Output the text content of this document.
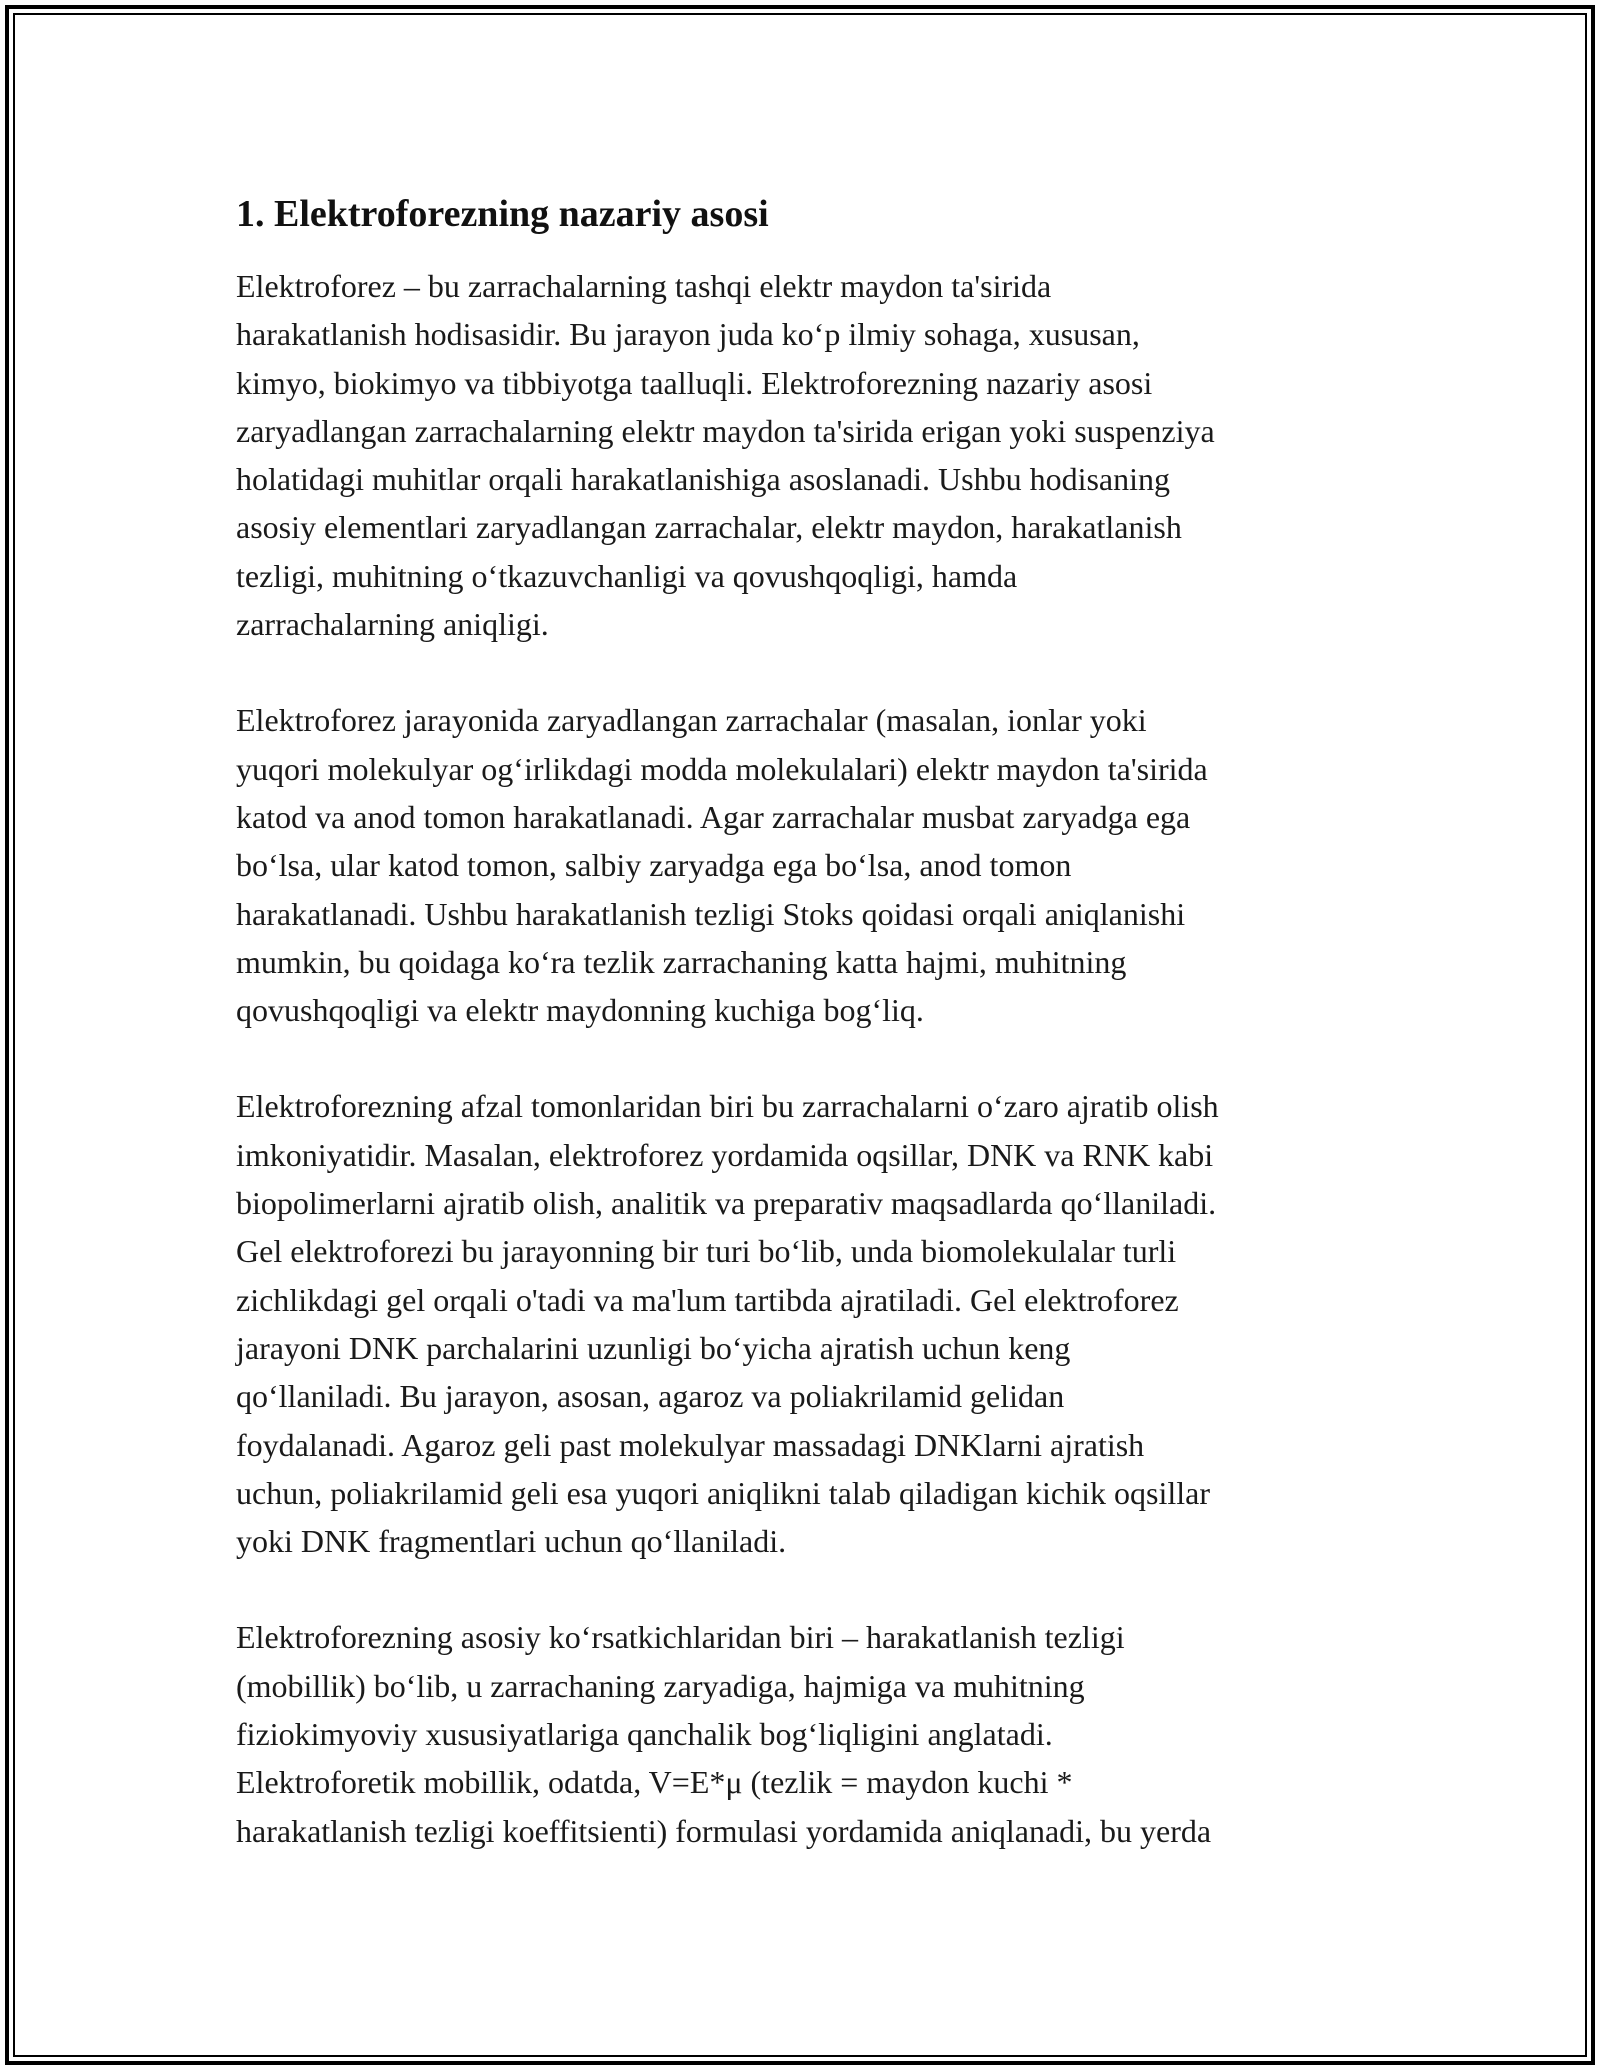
1. Elektroforezning nazariy asosi

Elektroforez – bu zarrachalarning tashqi elektr maydon ta'sirida
harakatlanish hodisasidir. Bu jarayon juda ko‘p ilmiy sohaga, xususan,
kimyo, biokimyo va tibbiyotga taalluqli. Elektroforezning nazariy asosi
zaryadlangan zarrachalarning elektr maydon ta'sirida erigan yoki suspenziya
holatidagi muhitlar orqali harakatlanishiga asoslanadi. Ushbu hodisaning
asosiy elementlari zaryadlangan zarrachalar, elektr maydon, harakatlanish
tezligi, muhitning o‘tkazuvchanligi va qovushqoqligi, hamda
zarrachalarning aniqligi.

Elektroforez jarayonida zaryadlangan zarrachalar (masalan, ionlar yoki
yuqori molekulyar og‘irlikdagi modda molekulalari) elektr maydon ta'sirida
katod va anod tomon harakatlanadi. Agar zarrachalar musbat zaryadga ega
bo‘lsa, ular katod tomon, salbiy zaryadga ega bo‘lsa, anod tomon
harakatlanadi. Ushbu harakatlanish tezligi Stoks qoidasi orqali aniqlanishi
mumkin, bu qoidaga ko‘ra tezlik zarrachaning katta hajmi, muhitning
qovushqoqligi va elektr maydonning kuchiga bog‘liq.

Elektroforezning afzal tomonlaridan biri bu zarrachalarni o‘zaro ajratib olish
imkoniyatidir. Masalan, elektroforez yordamida oqsillar, DNK va RNK kabi
biopolimerlarni ajratib olish, analitik va preparativ maqsadlarda qo‘llaniladi.
Gel elektroforezi bu jarayonning bir turi bo‘lib, unda biomolekulalar turli
zichlikdagi gel orqali o'tadi va ma'lum tartibda ajratiladi. Gel elektroforez
jarayoni DNK parchalarini uzunligi bo‘yicha ajratish uchun keng
qo‘llaniladi. Bu jarayon, asosan, agaroz va poliakrilamid gelidan
foydalanadi. Agaroz geli past molekulyar massadagi DNKlarni ajratish
uchun, poliakrilamid geli esa yuqori aniqlikni talab qiladigan kichik oqsillar
yoki DNK fragmentlari uchun qo‘llaniladi.

Elektroforezning asosiy ko‘rsatkichlaridan biri – harakatlanish tezligi
(mobillik) bo‘lib, u zarrachaning zaryadiga, hajmiga va muhitning
fiziokimyoviy xususiyatlariga qanchalik bog‘liqligini anglatadi.
Elektroforetik mobillik, odatda, V=E*μ (tezlik = maydon kuchi *
harakatlanish tezligi koeffitsienti) formulasi yordamida aniqlanadi, bu yerda
